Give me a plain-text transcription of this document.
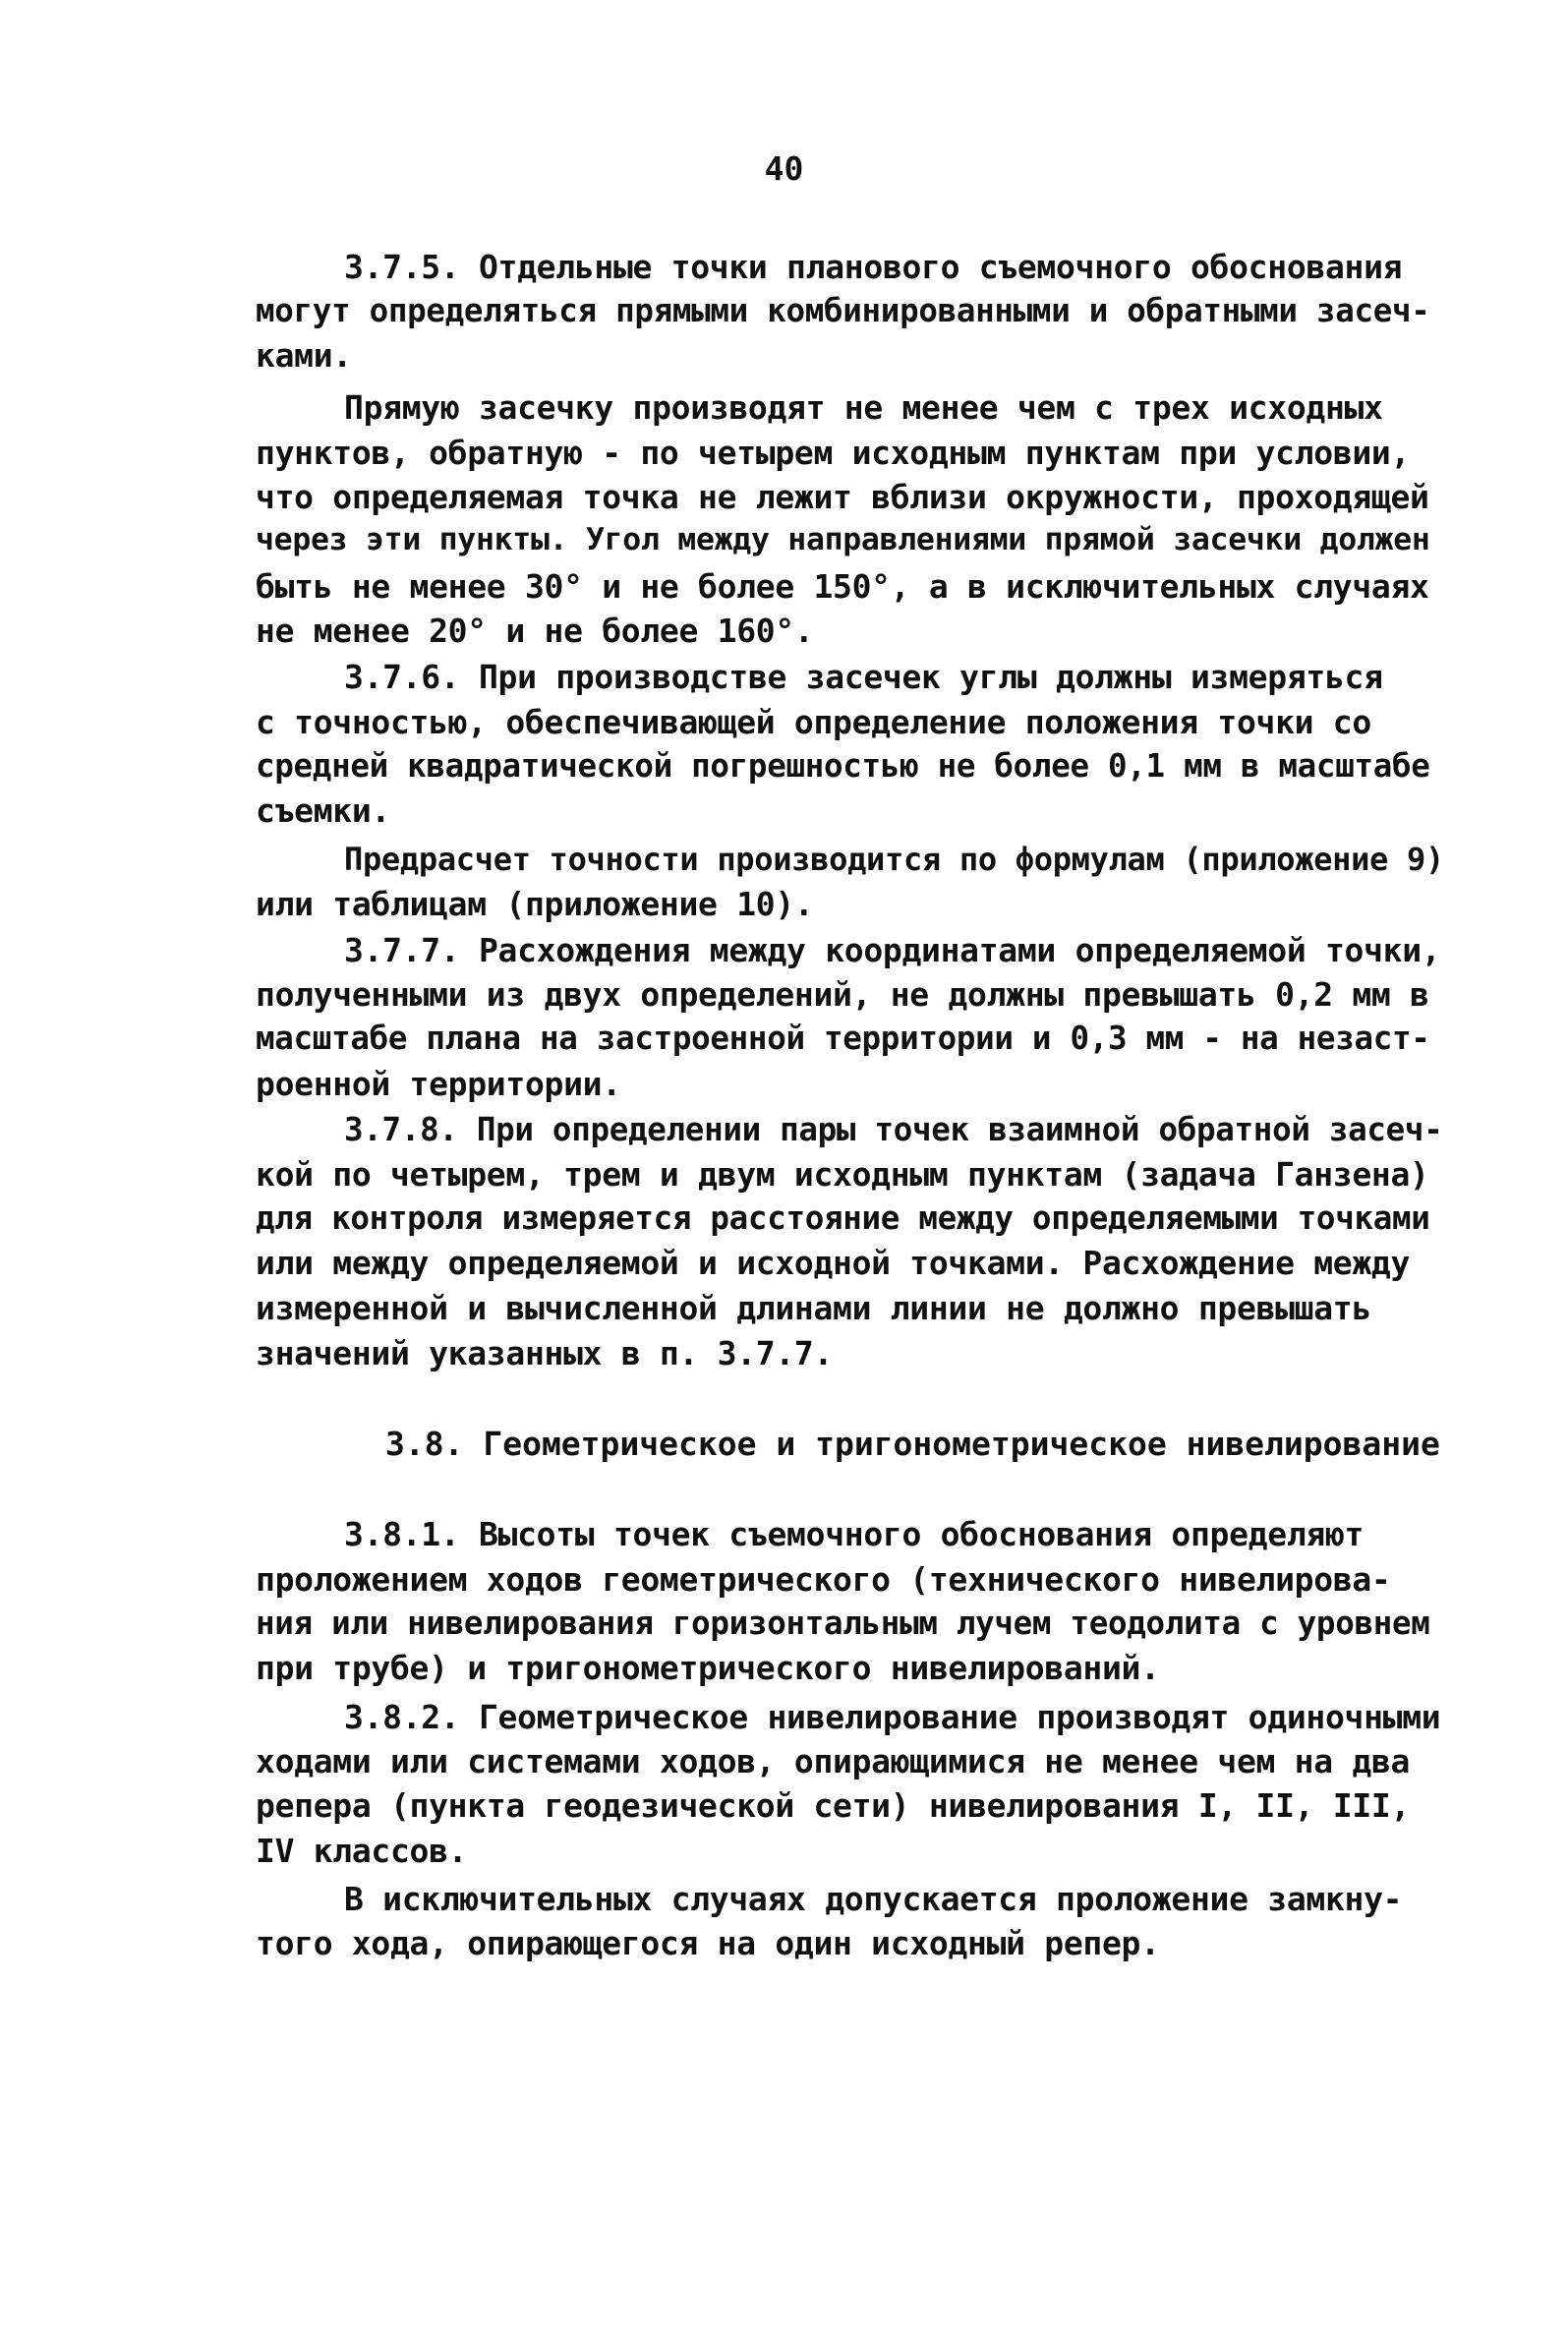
40
3.7.5. Отдельные точки планового съемочного обоснования
могут определяться прямыми комбинированными и обратными засеч-
ками.
Прямую засечку производят не менее чем с трех исходных
пунктов, обратную - по четырем исходным пунктам при условии,
что определяемая точка не лежит вблизи окружности, проходящей
через эти пункты. Угол между направлениями прямой засечки должен
быть не менее 30° и не более 150°, а в исключительных случаях
не менее 20° и не более 160°.
3.7.6. При производстве засечек углы должны измеряться
с точностью, обеспечивающей определение положения точки со
средней квадратической погрешностью не более 0,1 мм в масштабе
съемки.
Предрасчет точности производится по формулам (приложение 9)
или таблицам (приложение 10).
3.7.7. Расхождения между координатами определяемой точки,
полученными из двух определений, не должны превышать 0,2 мм в
масштабе плана на застроенной территории и 0,3 мм - на незаст-
роенной территории.
3.7.8. При определении пары точек взаимной обратной засеч-
кой по четырем, трем и двум исходным пунктам (задача Ганзена)
для контроля измеряется расстояние между определяемыми точками
или между определяемой и исходной точками. Расхождение между
измеренной и вычисленной длинами линии не должно превышать
значений указанных в п. 3.7.7.
3.8. Геометрическое и тригонометрическое нивелирование
3.8.1. Высоты точек съемочного обоснования определяют
проложением ходов геометрического (технического нивелирова-
ния или нивелирования горизонтальным лучем теодолита с уровнем
при трубе) и тригонометрического нивелирований.
3.8.2. Геометрическое нивелирование производят одиночными
ходами или системами ходов, опирающимися не менее чем на два
репера (пункта геодезической сети) нивелирования I, II, III,
IV классов.
В исключительных случаях допускается проложение замкну-
того хода, опирающегося на один исходный репер.
